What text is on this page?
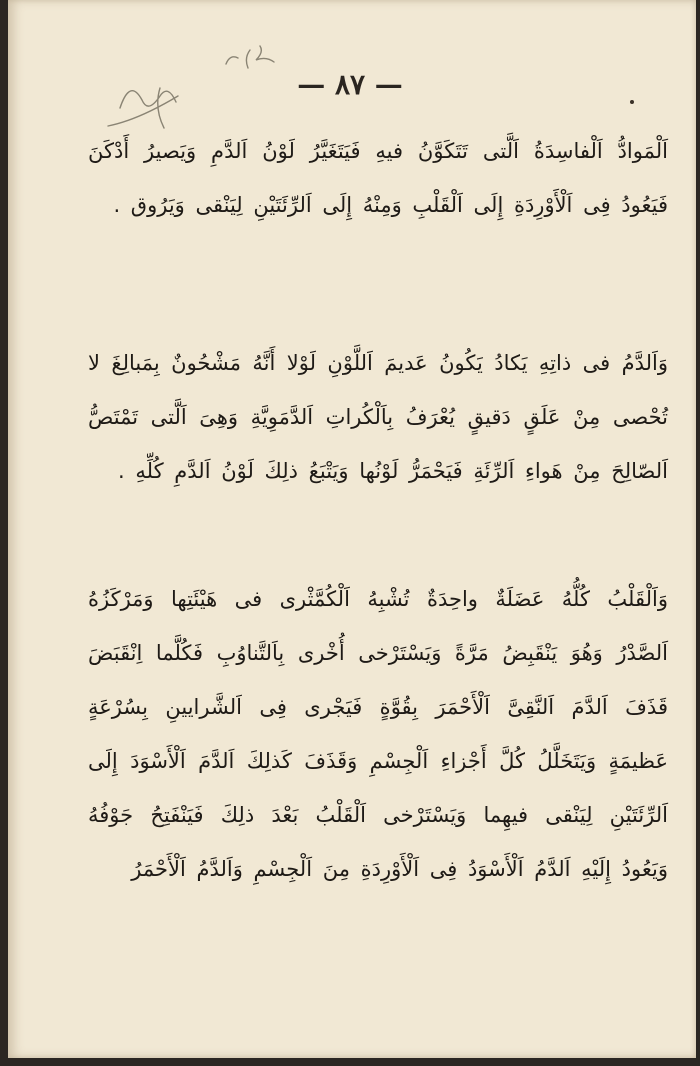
— ٨٧ —

اَلْمَوادُّ اَلْفاسِدَةُ اَلَّتى تَتَكَوَّنُ فيهِ فَيَتَغَيَّرُ لَوْنُ اَلدَّمِ وَيَصيرُ أَدْكَنَ فَيَعُودُ فِى اَلْأَوْرِدَةِ إِلَى اَلْقَلْبِ وَمِنْهُ إِلَى اَلرِّئَتَيْنِ لِيَنْقى وَيَرُوق .

وَاَلدَّمُ فى ذاتِهِ يَكادُ يَكُونُ عَديمَ اَللَّوْنِ لَوْلا أَنَّهُ مَشْحُونٌ بِمَبالِغَ لا تُحْصى مِنْ عَلَقٍ دَقيقٍ يُعْرَفُ بِاَلْكُراتِ اَلدَّمَوِيَّةِ وَهِىَ اَلَّتى تَمْتَصُّ اَلصّالِحَ مِنْ هَواءِ اَلرِّئَةِ فَيَحْمَرُّ لَوْنُها وَيَتْبَعُ ذلِكَ لَوْنُ اَلدَّمِ كُلِّهِ .

وَاَلْقَلْبُ كُلُّهُ عَضَلَةٌ واحِدَةٌ تُشْبِهُ اَلْكُمَّثْرى فى هَيْئَتِها وَمَرْكَزُهُ اَلصَّدْرُ وَهُوَ يَنْقَبِضُ مَرَّةً وَيَسْتَرْخى أُخْرى بِاَلتَّناوُبِ فَكُلَّما اِنْقَبَضَ قَذَفَ اَلدَّمَ اَلنَّقِىَّ اَلْأَحْمَرَ بِقُوَّةٍ فَيَجْرى فِى اَلشَّرايينِ بِسُرْعَةٍ عَظيمَةٍ وَيَتَخَلَّلُ كُلَّ أَجْزاءِ اَلْجِسْمِ وَقَذَفَ كَذلِكَ اَلدَّمَ اَلْأَسْوَدَ إِلَى اَلرِّئَتَيْنِ لِيَنْقى فيهِما وَيَسْتَرْخى اَلْقَلْبُ بَعْدَ ذلِكَ فَيَنْفَتِحُ جَوْفُهُ وَيَعُودُ إِلَيْهِ اَلدَّمُ اَلْأَسْوَدُ فِى اَلْأَوْرِدَةِ مِنَ اَلْجِسْمِ وَاَلدَّمُ اَلْأَحْمَرُ
